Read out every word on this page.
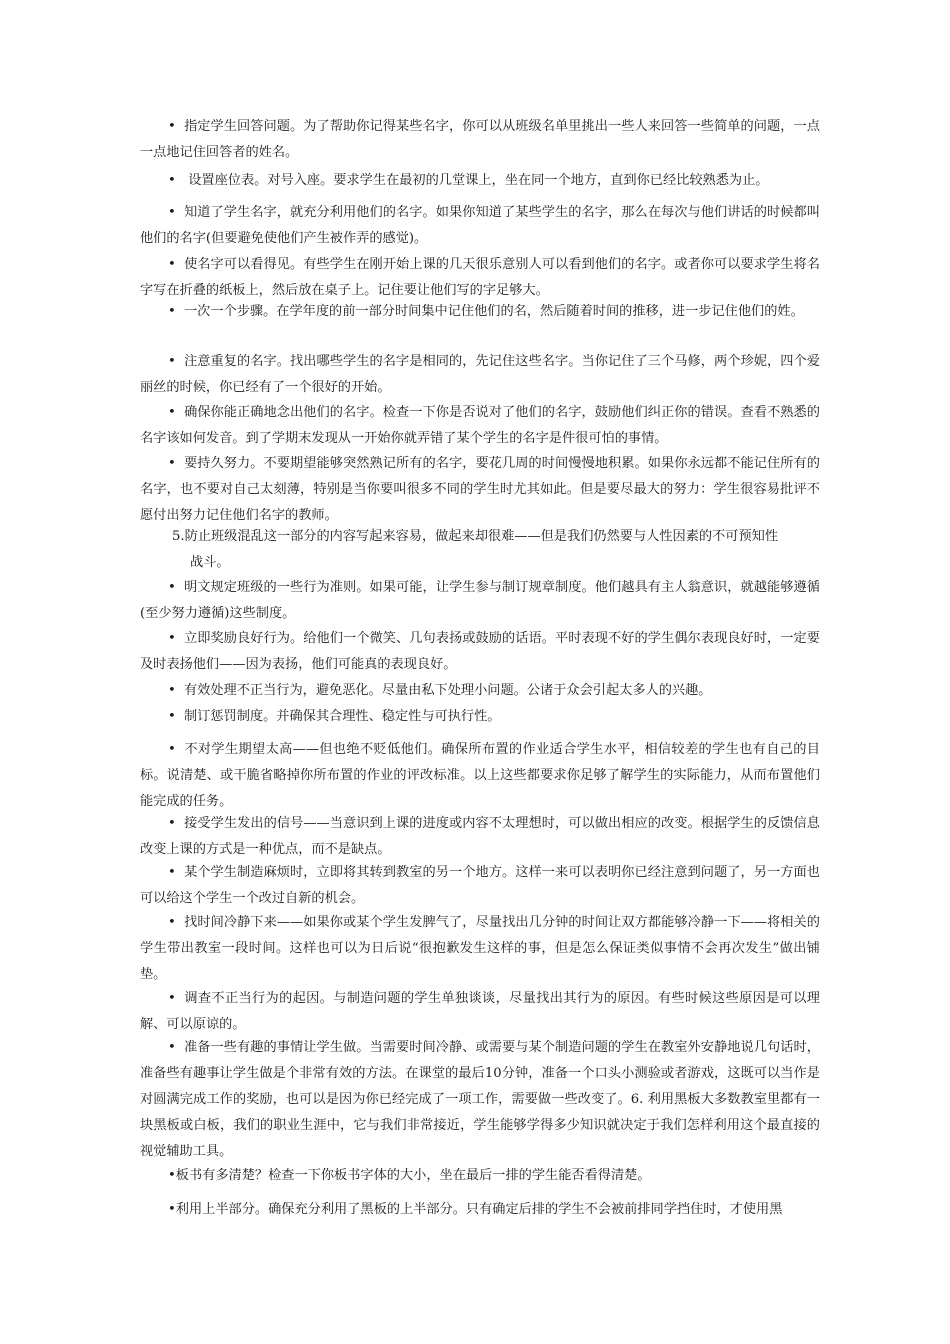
• 指定学生回答问题。为了帮助你记得某些名字，你可以从班级名单里挑出一些人来回答一些简单的问题，一点一点地记住回答者的姓名。

• 设置座位表。对号入座。要求学生在最初的几堂课上，坐在同一个地方，直到你已经比较熟悉为止。

• 知道了学生名字，就充分利用他们的名字。如果你知道了某些学生的名字，那么在每次与他们讲话的时候都叫他们的名字(但要避免使他们产生被作弄的感觉)。

• 使名字可以看得见。有些学生在刚开始上课的几天很乐意别人可以看到他们的名字。或者你可以要求学生将名字写在折叠的纸板上，然后放在桌子上。记住要让他们写的字足够大。

• 一次一个步骤。在学年度的前一部分时间集中记住他们的名，然后随着时间的推移，进一步记住他们的姓。

• 注意重复的名字。找出哪些学生的名字是相同的，先记住这些名字。当你记住了三个马修，两个珍妮，四个爱丽丝的时候，你已经有了一个很好的开始。

• 确保你能正确地念出他们的名字。检查一下你是否说对了他们的名字，鼓励他们纠正你的错误。查看不熟悉的名字该如何发音。到了学期末发现从一开始你就弄错了某个学生的名字是件很可怕的事情。

• 要持久努力。不要期望能够突然熟记所有的名字，要花几周的时间慢慢地积累。如果你永远都不能记住所有的名字，也不要对自己太刻薄，特别是当你要叫很多不同的学生时尤其如此。但是要尽最大的努力：学生很容易批评不愿付出努力记住他们名字的教师。

5.防止班级混乱这一部分的内容写起来容易，做起来却很难——但是我们仍然要与人性因素的不可预知性
战斗。

• 明文规定班级的一些行为准则。如果可能，让学生参与制订规章制度。他们越具有主人翁意识，就越能够遵循(至少努力遵循)这些制度。

• 立即奖励良好行为。给他们一个微笑、几句表扬或鼓励的话语。平时表现不好的学生偶尔表现良好时，一定要及时表扬他们——因为表扬，他们可能真的表现良好。

• 有效处理不正当行为，避免恶化。尽量由私下处理小问题。公诸于众会引起太多人的兴趣。

• 制订惩罚制度。并确保其合理性、稳定性与可执行性。

• 不对学生期望太高——但也绝不贬低他们。确保所布置的作业适合学生水平，相信较差的学生也有自己的目标。说清楚、或干脆省略掉你所布置的作业的评改标准。以上这些都要求你足够了解学生的实际能力，从而布置他们能完成的任务。

• 接受学生发出的信号——当意识到上课的进度或内容不太理想时，可以做出相应的改变。根据学生的反馈信息改变上课的方式是一种优点，而不是缺点。

• 某个学生制造麻烦时，立即将其转到教室的另一个地方。这样一来可以表明你已经注意到问题了，另一方面也可以给这个学生一个改过自新的机会。

• 找时间冷静下来——如果你或某个学生发脾气了，尽量找出几分钟的时间让双方都能够冷静一下——将相关的学生带出教室一段时间。这样也可以为日后说“很抱歉发生这样的事，但是怎么保证类似事情不会再次发生”做出铺垫。

• 调查不正当行为的起因。与制造问题的学生单独谈谈，尽量找出其行为的原因。有些时候这些原因是可以理解、可以原谅的。

• 准备一些有趣的事情让学生做。当需要时间冷静、或需要与某个制造问题的学生在教室外安静地说几句话时，准备些有趣事让学生做是个非常有效的方法。在课堂的最后10分钟，准备一个口头小测验或者游戏，这既可以当作是对圆满完成工作的奖励，也可以是因为你已经完成了一项工作，需要做一些改变了。6. 利用黑板大多数教室里都有一块黑板或白板，我们的职业生涯中，它与我们非常接近，学生能够学得多少知识就决定于我们怎样利用这个最直接的视觉辅助工具。

•板书有多清楚？检查一下你板书字体的大小，坐在最后一排的学生能否看得清楚。

•利用上半部分。确保充分利用了黑板的上半部分。只有确定后排的学生不会被前排同学挡住时，才使用黑
